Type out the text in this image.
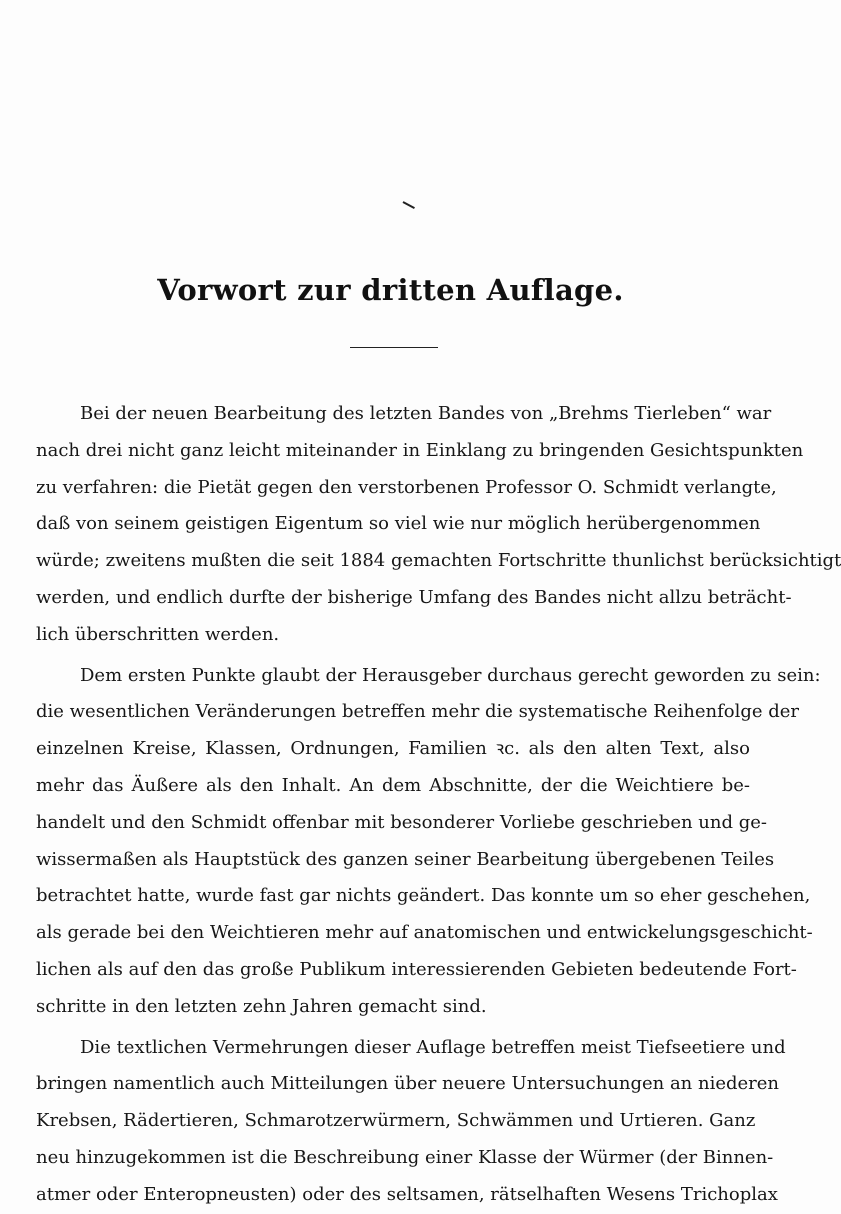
Vorwort zur dritten Auflage.
Bei der neuen Bearbeitung des letzten Bandes von „Brehms Tierleben“ war
nach drei nicht ganz leicht miteinander in Einklang zu bringenden Gesichtspunkten
zu verfahren: die Pietät gegen den verstorbenen Professor O. Schmidt verlangte,
daß von seinem geistigen Eigentum so viel wie nur möglich herübergenommen
würde; zweitens mußten die seit 1884 gemachten Fortschritte thunlichst berücksichtigt
werden, und endlich durfte der bisherige Umfang des Bandes nicht allzu beträcht-
lich überschritten werden.
Dem ersten Punkte glaubt der Herausgeber durchaus gerecht geworden zu sein:
die wesentlichen Veränderungen betreffen mehr die systematische Reihenfolge der
einzelnen Kreise, Klassen, Ordnungen, Familien ꝛc. als den alten Text, also
mehr das Äußere als den Inhalt. An dem Abschnitte, der die Weichtiere be-
handelt und den Schmidt offenbar mit besonderer Vorliebe geschrieben und ge-
wissermaßen als Hauptstück des ganzen seiner Bearbeitung übergebenen Teiles
betrachtet hatte, wurde fast gar nichts geändert. Das konnte um so eher geschehen,
als gerade bei den Weichtieren mehr auf anatomischen und entwickelungsgeschicht-
lichen als auf den das große Publikum interessierenden Gebieten bedeutende Fort-
schritte in den letzten zehn Jahren gemacht sind.
Die textlichen Vermehrungen dieser Auflage betreffen meist Tiefseetiere und
bringen namentlich auch Mitteilungen über neuere Untersuchungen an niederen
Krebsen, Rädertieren, Schmarotzerwürmern, Schwämmen und Urtieren. Ganz
neu hinzugekommen ist die Beschreibung einer Klasse der Würmer (der Binnen-
atmer oder Enteropneusten) oder des seltsamen, rätselhaften Wesens Trichoplax
